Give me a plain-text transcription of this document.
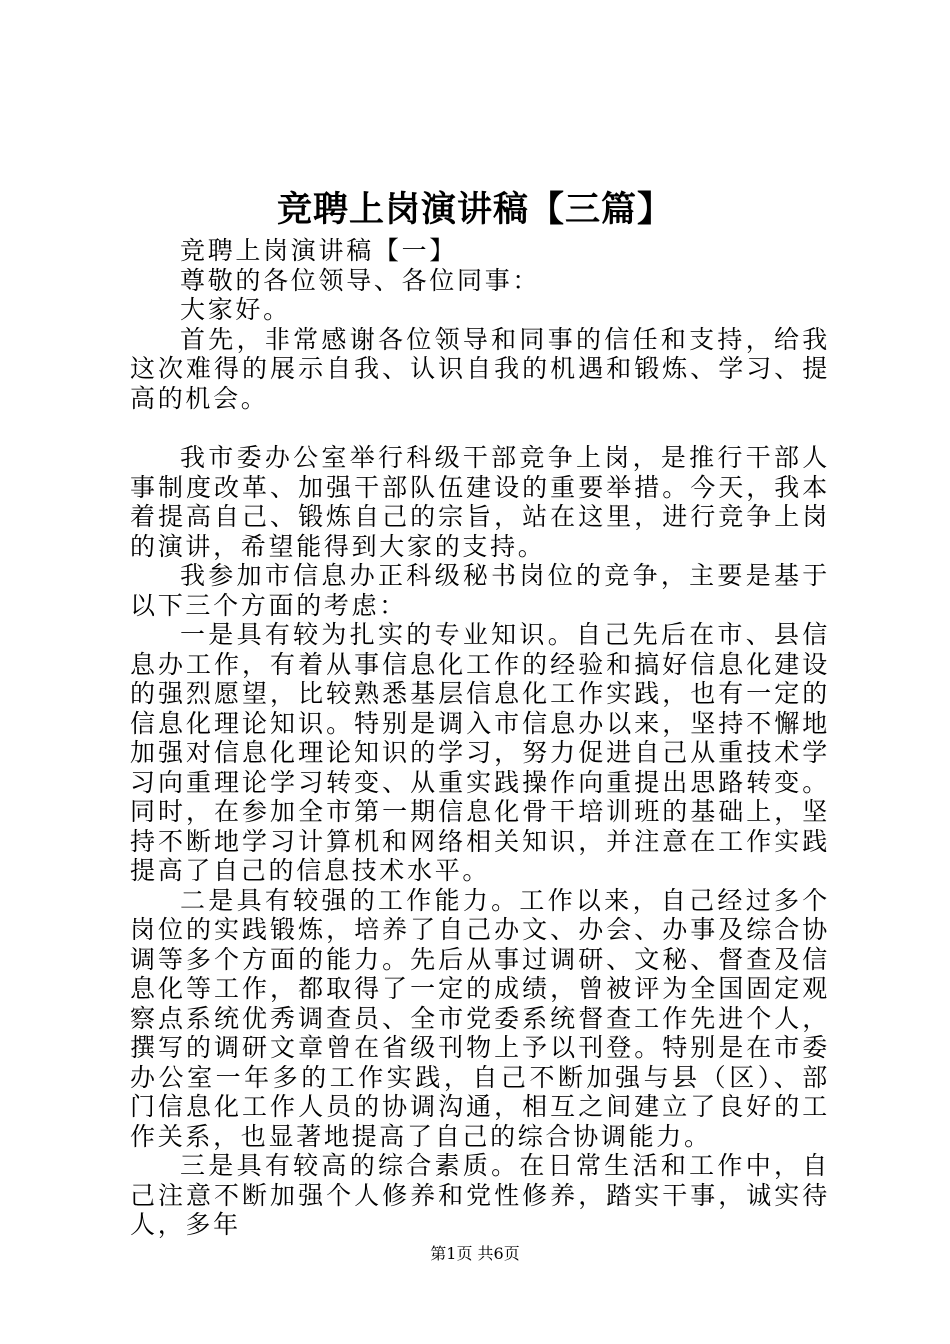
竞聘上岗演讲稿【三篇】

竞聘上岗演讲稿【一】

尊敬的各位领导、各位同事：

大家好。

首先，非常感谢各位领导和同事的信任和支持，给我这次难得的展示自我、认识自我的机遇和锻炼、学习、提高的机会。

我市委办公室举行科级干部竞争上岗，是推行干部人事制度改革、加强干部队伍建设的重要举措。今天，我本着提高自己、锻炼自己的宗旨，站在这里，进行竞争上岗的演讲，希望能得到大家的支持。

我参加市信息办正科级秘书岗位的竞争，主要是基于以下三个方面的考虑：

一是具有较为扎实的专业知识。自己先后在市、县信息办工作，有着从事信息化工作的经验和搞好信息化建设的强烈愿望，比较熟悉基层信息化工作实践，也有一定的信息化理论知识。特别是调入市信息办以来，坚持不懈地加强对信息化理论知识的学习，努力促进自己从重技术学习向重理论学习转变、从重实践操作向重提出思路转变。同时，在参加全市第一期信息化骨干培训班的基础上，坚持不断地学习计算机和网络相关知识，并注意在工作实践提高了自己的信息技术水平。

二是具有较强的工作能力。工作以来，自己经过多个岗位的实践锻炼，培养了自己办文、办会、办事及综合协调等多个方面的能力。先后从事过调研、文秘、督查及信息化等工作，都取得了一定的成绩，曾被评为全国固定观察点系统优秀调查员、全市党委系统督查工作先进个人，撰写的调研文章曾在省级刊物上予以刊登。特别是在市委办公室一年多的工作实践，自己不断加强与县（区）、部门信息化工作人员的协调沟通，相互之间建立了良好的工作关系，也显著地提高了自己的综合协调能力。

三是具有较高的综合素质。在日常生活和工作中，自己注意不断加强个人修养和党性修养，踏实干事，诚实待人，多年

第1页 共6页
